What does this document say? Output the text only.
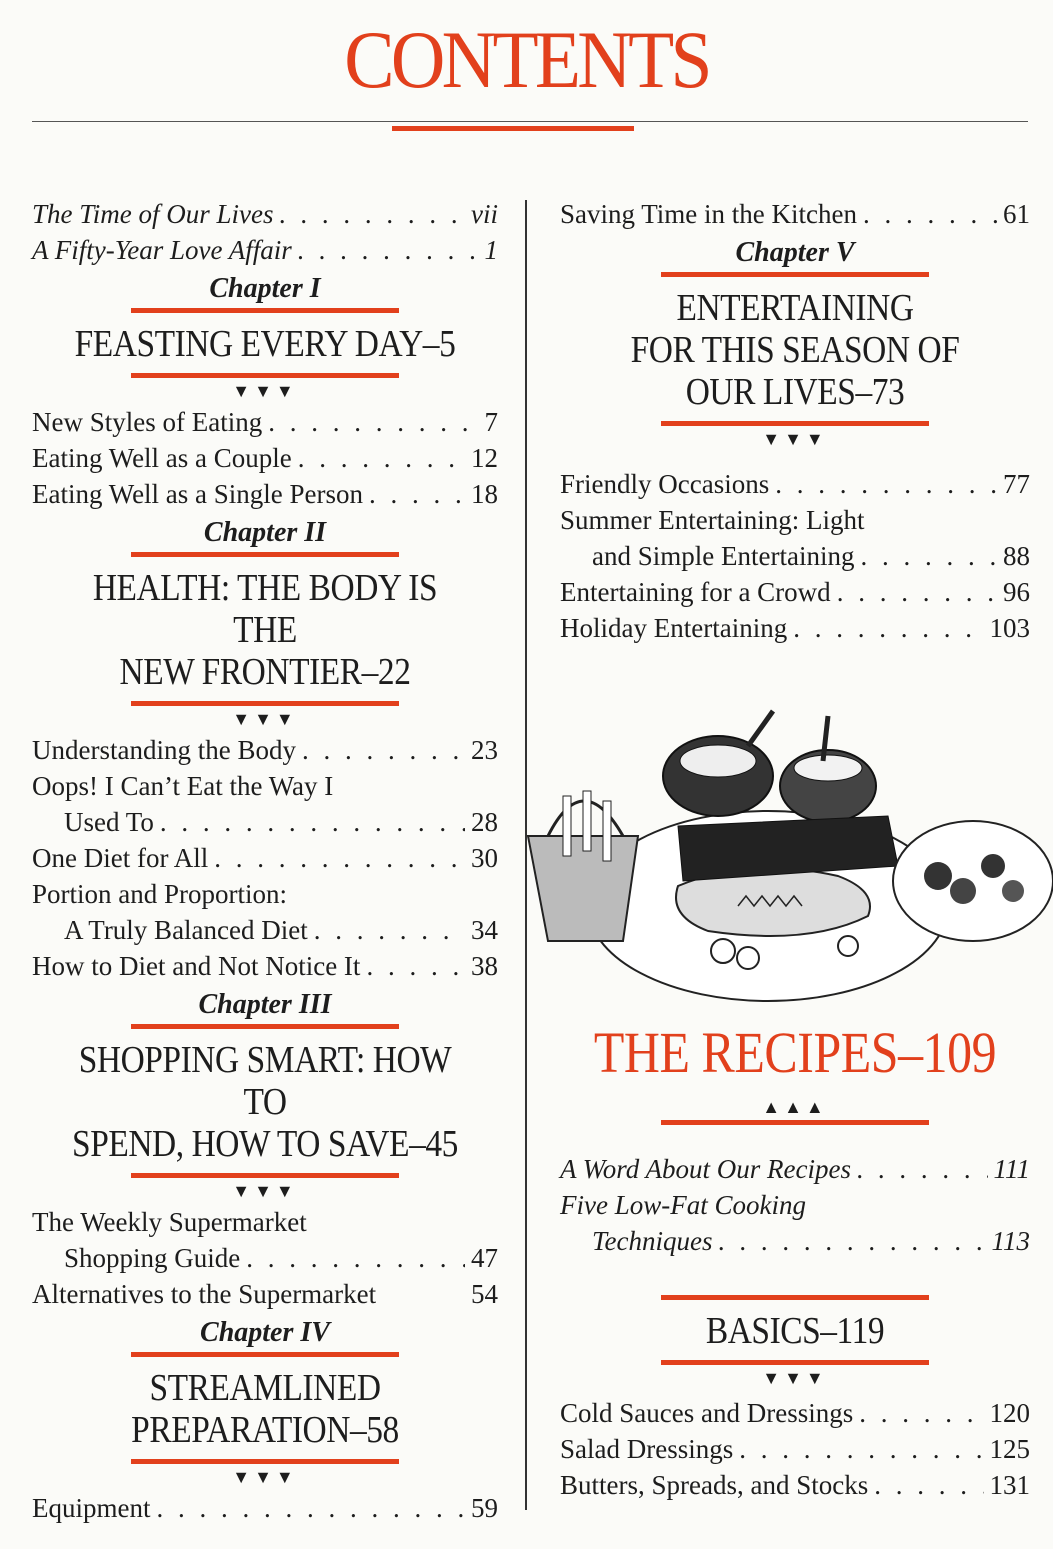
CONTENTS
The Time of Our Lives . . .	vii
A Fifty-Year Love Affair . . .	1
Chapter I
FEASTING EVERY DAY–5
▼▼▼
New Styles of Eating . . .	7
Eating Well as a Couple . . .	12
Eating Well as a Single Person . . .	18
Chapter II
HEALTH: THE BODY IS THE
NEW FRONTIER–22
▼▼▼
Understanding the Body . . .	23
Oops! I Can’t Eat the Way I
Used To . . .	28
One Diet for All . . .	30
Portion and Proportion:
A Truly Balanced Diet . . .	34
How to Diet and Not Notice It . . .	38
Chapter III
SHOPPING SMART: HOW TO
SPEND, HOW TO SAVE–45
▼▼▼
The Weekly Supermarket
Shopping Guide . . .	47
Alternatives to the Supermarket	54
Chapter IV
STREAMLINED
PREPARATION–58
▼▼▼
Equipment . . .	59
Saving Time in the Kitchen . . .	61
Chapter V
ENTERTAINING
FOR THIS SEASON OF
OUR LIVES–73
▼▼▼
Friendly Occasions . . .	77
Summer Entertaining: Light
and Simple Entertaining . . .	88
Entertaining for a Crowd . . .	96
Holiday Entertaining . . .	103
THE RECIPES–109
▲▲▲
A Word About Our Recipes . . .	111
Five Low-Fat Cooking
Techniques . . .	113
BASICS–119
▼▼▼
Cold Sauces and Dressings . . .	120
Salad Dressings . . .	125
Butters, Spreads, and Stocks . . .	131
